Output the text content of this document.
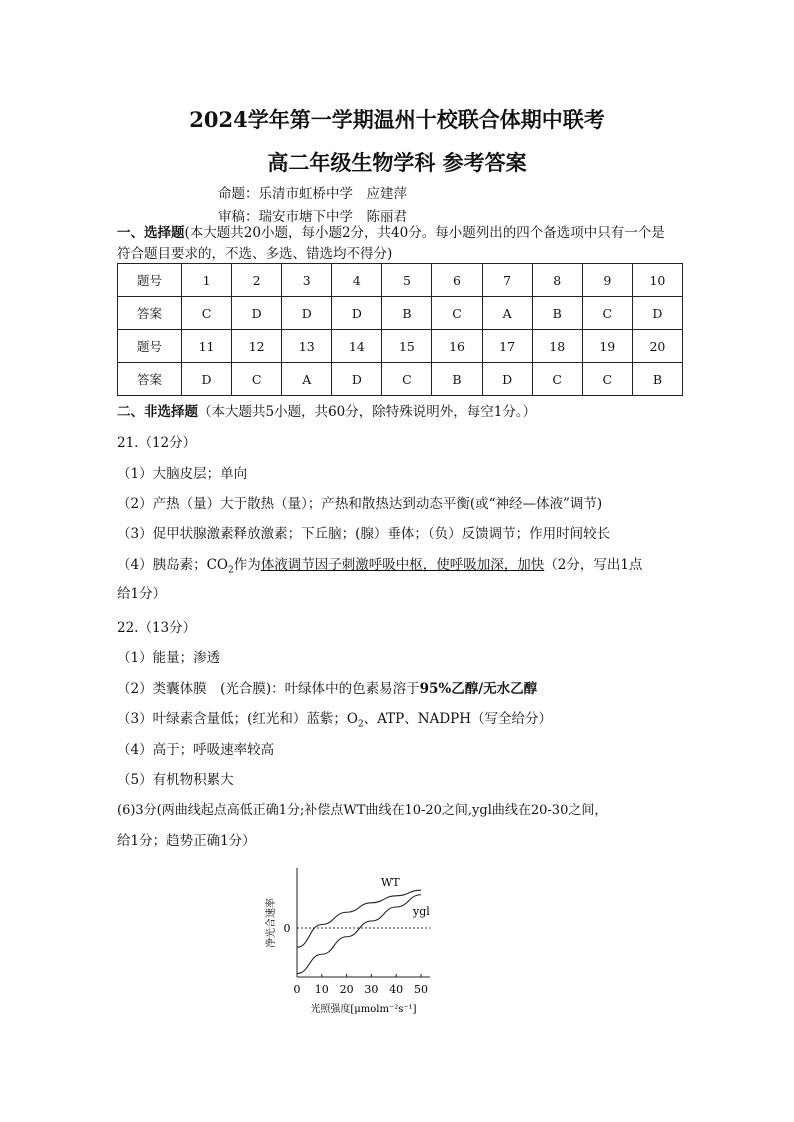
2024学年第一学期温州十校联合体期中联考
高二年级生物学科 参考答案
命题：乐清市虹桥中学　应建萍
审稿：瑞安市塘下中学　陈丽君
一、选择题(本大题共20小题，每小题2分，共40分。每小题列出的四个备选项中只有一个是符合题目要求的，不选、多选、错选均不得分)
题号	1	2	3	4	5	6	7	8	9	10
答案	C	D	D	D	B	C	A	B	C	D
题号	11	12	13	14	15	16	17	18	19	20
答案	D	C	A	D	C	B	D	C	C	B
二、非选择题（本大题共5小题，共60分，除特殊说明外，每空1分。）
21.（12分）
（1）大脑皮层；单向
（2）产热（量）大于散热（量）；产热和散热达到动态平衡(或“神经—体液”调节)
（3）促甲状腺激素释放激素；下丘脑；(腺）垂体；（负）反馈调节；作用时间较长
（4）胰岛素；$CO_2$作为体液调节因子刺激呼吸中枢，使呼吸加深，加快（2分，写出1点
给1分）
22.（13分）
（1）能量；渗透
（2）类囊体膜　(光合膜)：叶绿体中的色素易溶于95%乙醇/无水乙醇
（3）叶绿素含量低；(红光和）蓝紫；$O_2$、ATP、NADPH（写全给分）
（4）高于；呼吸速率较高
（5）有机物积累大
(6)3分(两曲线起点高低正确1分;补偿点WT曲线在10-20之间,ygl曲线在20-30之间，
给1分；趋势正确1分）
0
0 10 20 30 40 50
WT
ygl
净光合速率
光照强度[μmolm⁻²s⁻¹]
